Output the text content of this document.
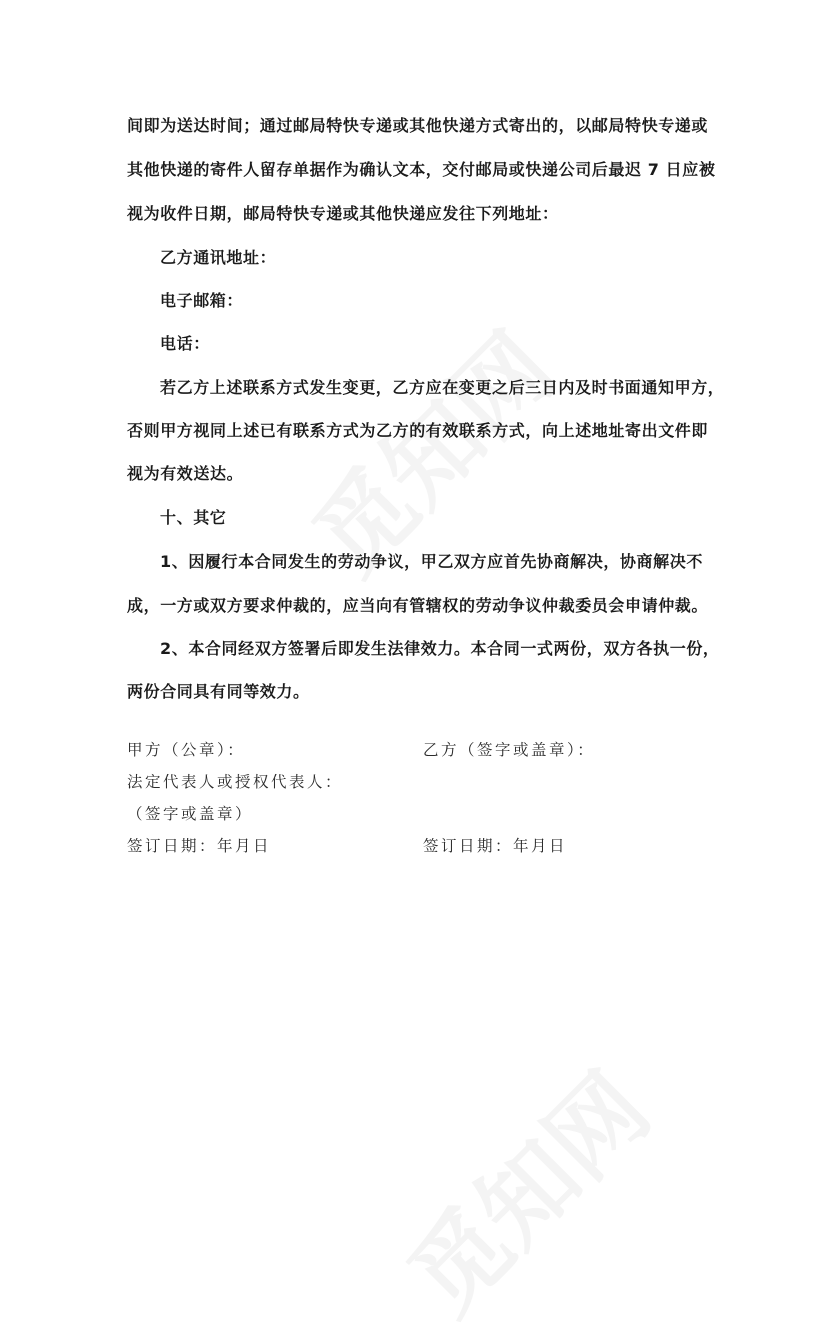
间即为送达时间；通过邮局特快专递或其他快递方式寄出的，以邮局特快专递或
其他快递的寄件人留存单据作为确认文本，交付邮局或快递公司后最迟 7 日应被
视为收件日期，邮局特快专递或其他快递应发往下列地址：
乙方通讯地址：
电子邮箱：
电话：
若乙方上述联系方式发生变更，乙方应在变更之后三日内及时书面通知甲方，
否则甲方视同上述已有联系方式为乙方的有效联系方式，向上述地址寄出文件即
视为有效送达。
十、其它
1、因履行本合同发生的劳动争议，甲乙双方应首先协商解决，协商解决不
成，一方或双方要求仲裁的，应当向有管辖权的劳动争议仲裁委员会申请仲裁。
2、本合同经双方签署后即发生法律效力。本合同一式两份，双方各执一份，
两份合同具有同等效力。
甲方（公章）：	乙方（签字或盖章）：
法定代表人或授权代表人：
（签字或盖章）
签订日期：年月日	签订日期：年月日
